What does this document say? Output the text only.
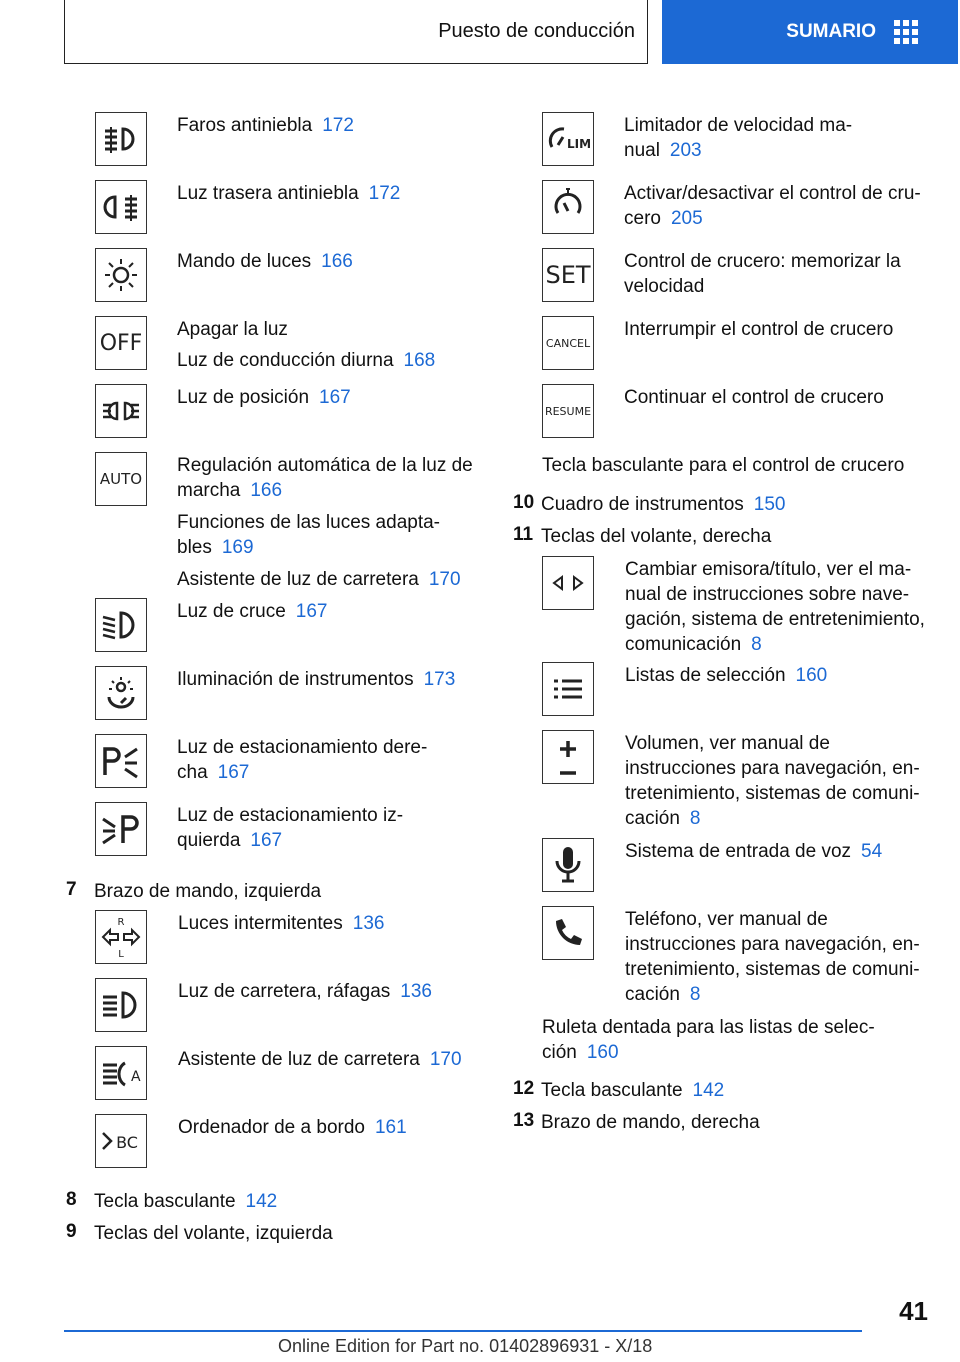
Puesto de conducción	SUMARIO
Faros antiniebla 172
Luz trasera antiniebla 172
Mando de luces 166
OFF
AUTO
Luz de cruce 167
Iluminación de instrumentos 173
Luz de estacionamiento dere-
cha 167
Luz de estacionamiento iz-
quierda 167
Apagar la luz
Luz de conducción diurna 168
Luz de posición 167
Regulación automática de la luz de
marcha 166
Funciones de las luces adapta-
bles 169
Asistente de luz de carretera 170
7 Brazo de mando, izquierda
R
L
Luces intermitentes 136
Luz de carretera, ráfagas 136
A
Asistente de luz de carretera 170
BC
Ordenador de a bordo 161
8 Tecla basculante 142
9 Teclas del volante, izquierda
LIM
Limitador de velocidad ma-
nual 203
Activar/desactivar el control de cru-
cero 205
SET Control de crucero: memorizar la
velocidad
CANCEL
Interrumpir el control de crucero
RESUME
Continuar el control de crucero
Tecla basculante para el control de crucero
10 Cuadro de instrumentos 150
11 Teclas del volante, derecha
Cambiar emisora/título, ver el ma-
nual de instrucciones sobre nave-
gación, sistema de entretenimiento,
comunicación 8
Listas de selección 160
Volumen, ver manual de
instrucciones para navegación, en-
tretenimiento, sistemas de comuni-
cación 8
Sistema de entrada de voz 54
Teléfono, ver manual de
instrucciones para navegación, en-
tretenimiento, sistemas de comuni-
cación 8
Ruleta dentada para las listas de selec-
ción 160
12 Tecla basculante 142
13 Brazo de mando, derecha
41
Online Edition for Part no. 01402896931 - X/18
